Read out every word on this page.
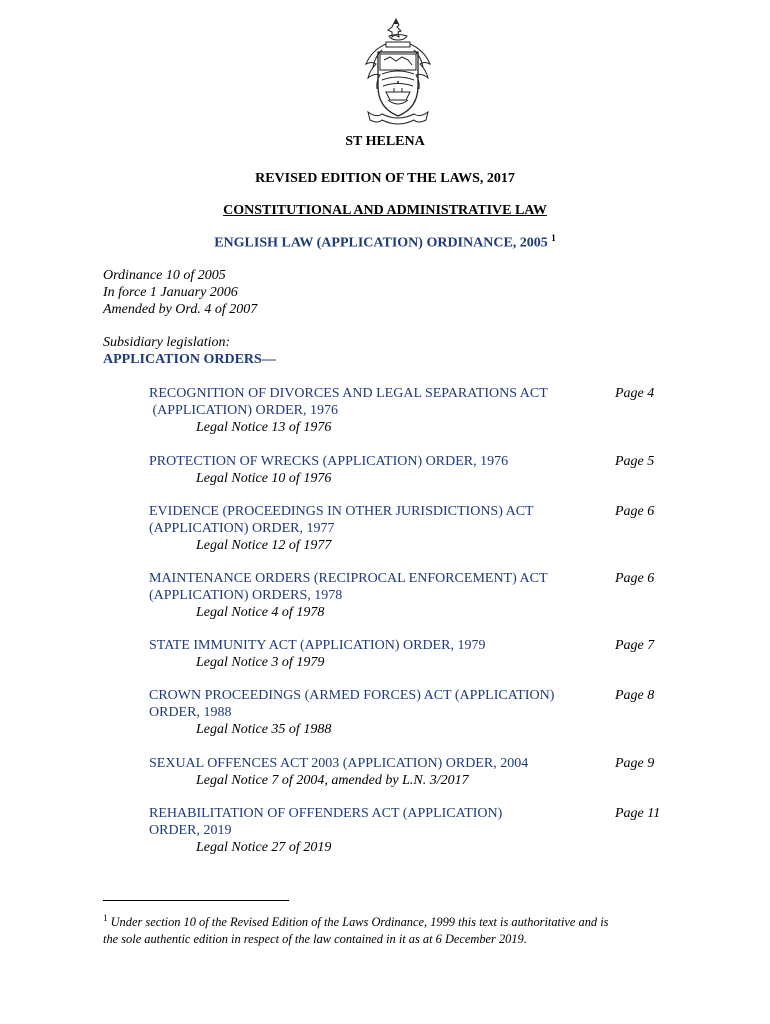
ST HELENA
REVISED EDITION OF THE LAWS, 2017
CONSTITUTIONAL AND ADMINISTRATIVE LAW
ENGLISH LAW (APPLICATION) ORDINANCE, 2005 $^1$
Ordinance 10 of 2005
In force 1 January 2006
Amended by Ord. 4 of 2007
Subsidiary legislation:
APPLICATION ORDERS—
RECOGNITION OF DIVORCES AND LEGAL SEPARATIONS ACT
(APPLICATION) ORDER, 1976
Legal Notice 13 of 1976
Page 4
PROTECTION OF WRECKS (APPLICATION) ORDER, 1976
Legal Notice 10 of 1976
Page 5
EVIDENCE (PROCEEDINGS IN OTHER JURISDICTIONS) ACT
(APPLICATION) ORDER, 1977
Legal Notice 12 of 1977
Page 6
MAINTENANCE ORDERS (RECIPROCAL ENFORCEMENT) ACT
(APPLICATION) ORDERS, 1978
Legal Notice 4 of 1978
Page 6
STATE IMMUNITY ACT (APPLICATION) ORDER, 1979
Legal Notice 3 of 1979
Page 7
CROWN PROCEEDINGS (ARMED FORCES) ACT (APPLICATION)
ORDER, 1988
Legal Notice 35 of 1988
Page 8
SEXUAL OFFENCES ACT 2003 (APPLICATION) ORDER, 2004
Legal Notice 7 of 2004, amended by L.N. 3/2017
Page 9
REHABILITATION OF OFFENDERS ACT (APPLICATION)
ORDER, 2019
Legal Notice 27 of 2019
Page 11
$^1$ Under section 10 of the Revised Edition of the Laws Ordinance, 1999 this text is authoritative and is
the sole authentic edition in respect of the law contained in it as at 6 December 2019.
